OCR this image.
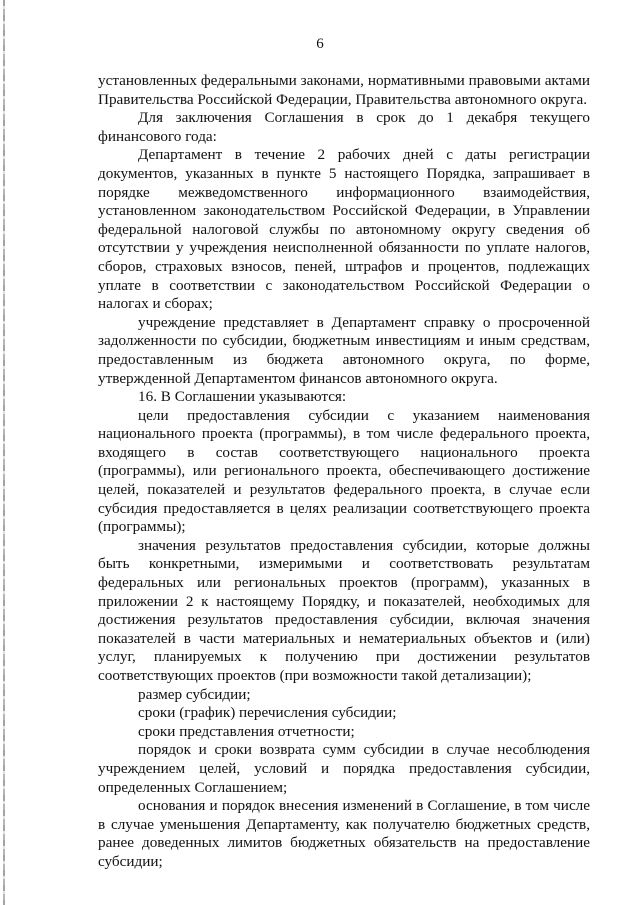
6

установленных федеральными законами, нормативными правовыми актами Правительства Российской Федерации, Правительства автономного округа.

Для заключения Соглашения в срок до 1 декабря текущего финансового года:

Департамент в течение 2 рабочих дней с даты регистрации документов, указанных в пункте 5 настоящего Порядка, запрашивает в порядке межведомственного информационного взаимодействия, установленном законодательством Российской Федерации, в Управлении федеральной налоговой службы по автономному округу сведения об отсутствии у учреждения неисполненной обязанности по уплате налогов, сборов, страховых взносов, пеней, штрафов и процентов, подлежащих уплате в соответствии с законодательством Российской Федерации о налогах и сборах;

учреждение представляет в Департамент справку о просроченной задолженности по субсидии, бюджетным инвестициям и иным средствам, предоставленным из бюджета автономного округа, по форме, утвержденной Департаментом финансов автономного округа.

16. В Соглашении указываются:

цели предоставления субсидии с указанием наименования национального проекта (программы), в том числе федерального проекта, входящего в состав соответствующего национального проекта (программы), или регионального проекта, обеспечивающего достижение целей, показателей и результатов федерального проекта, в случае если субсидия предоставляется в целях реализации соответствующего проекта (программы);

значения результатов предоставления субсидии, которые должны быть конкретными, измеримыми и соответствовать результатам федеральных или региональных проектов (программ), указанных в приложении 2 к настоящему Порядку, и показателей, необходимых для достижения результатов предоставления субсидии, включая значения показателей в части материальных и нематериальных объектов и (или) услуг, планируемых к получению при достижении результатов соответствующих проектов (при возможности такой детализации);

размер субсидии;

сроки (график) перечисления субсидии;

сроки представления отчетности;

порядок и сроки возврата сумм субсидии в случае несоблюдения учреждением целей, условий и порядка предоставления субсидии, определенных Соглашением;

основания и порядок внесения изменений в Соглашение, в том числе в случае уменьшения Департаменту, как получателю бюджетных средств, ранее доведенных лимитов бюджетных обязательств на предоставление субсидии;
